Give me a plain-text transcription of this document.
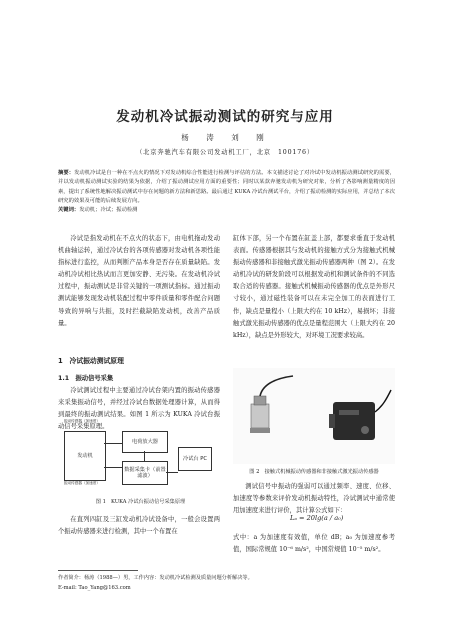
发动机冷试振动测试的研究与应用
杨　涛　刘　刚
（北京奔驰汽车有限公司发动机工厂，北京　100176）
摘要：发动机冷试是自一种在不点火的情况下对发动机综合性能进行检测与评估的方法。本文描述讨论了对冷试中发动机振动测试研究的需要，并以发动机振动测试实验的结果为依据，介绍了振动测试应用方面的重要性；同时以某款奔驰发动机为研究对象，分析了各影响测量精度的因素，提出了系统性地解决振动测试中存在问题的新方法和新思路。最后通过 KUKA 冷试台测试平台，介绍了振动检测的实际应用，并总结了本次研究的效果及可能的后续发展方向。
关键词：发动机；冷试；振动检测
冷试是指发动机在不点火的状态下，由电机拖动发动机曲轴运转，通过冷试台的各项传感器对发动机各项性能指标进行监控，从而判断产品本身是否存在质量缺陷。发动机冷试相比热试而言更加安静、无污染。在发动机冷试过程中，振动测试是非常关键的一项测试指标。通过振动测试能够发现发动机装配过程中零件质量和零件配合问题导致的异响与共振，及时拦截缺陷发动机，改善产品质量。
1　冷试振动测试原理
1.1　振动信号采集
冷试测试过程中主要通过冷试台架内置的振动传感器来采集振动信号，并经过冷试台数据处理器计算，从而得到最终的振动测试结果。如图 1 所示为 KUKA 冷试台振动信号采集原理。
发动机
振动传感器（加速度）
振动传感器（加速度）
电荷放大器
数据采集卡（前置滤波）
冷试台 PC
图 1　KUKA 冷试台振动信号采集原理
在直列四缸及三缸发动机冷试设备中，一般会设置两个振动传感器来进行检测，其中一个布置在
缸体下部，另一个布置在缸盖上部，都要求垂直于发动机表面。传感器根据其与发动机的接触方式分为接触式机械振动传感器和非接触式激光振动传感器两种（图 2）。在发动机冷试的研发阶段可以根据发动机和测试条件的不同选取合适的传感器。接触式机械振动传感器的优点是外形尺寸较小，通过磁性装备可以在未完全加工的表面进行工作，缺点是量程小（上限大约在 10 kHz），易损坏；非接触式激光振动传感器的优点是量程范围大（上限大约在 20 kHz），缺点是外形较大，对环境工况要求较高。
图 2　接触式机械振动传感器和非接触式激光振动传感器
测试信号中振动的强弱可以通过频率、速度、位移、加速度等参数来评价发动机振动特性，冷试测试中通常使用加速度来进行评价，其计算公式如下：
Lₐ = 20lg(a / a₀)
式中：a 为加速度有效值，单位 dB；a₀ 为加速度参考值，国际常规值 10⁻⁶ m/s²，中国常规值 10⁻⁵ m/s²。
作者简介：杨涛（1988—）男，工作内容：发动机冷试检测及质量问题分析解决等。
E-mail: Tao_Yang@163.com
